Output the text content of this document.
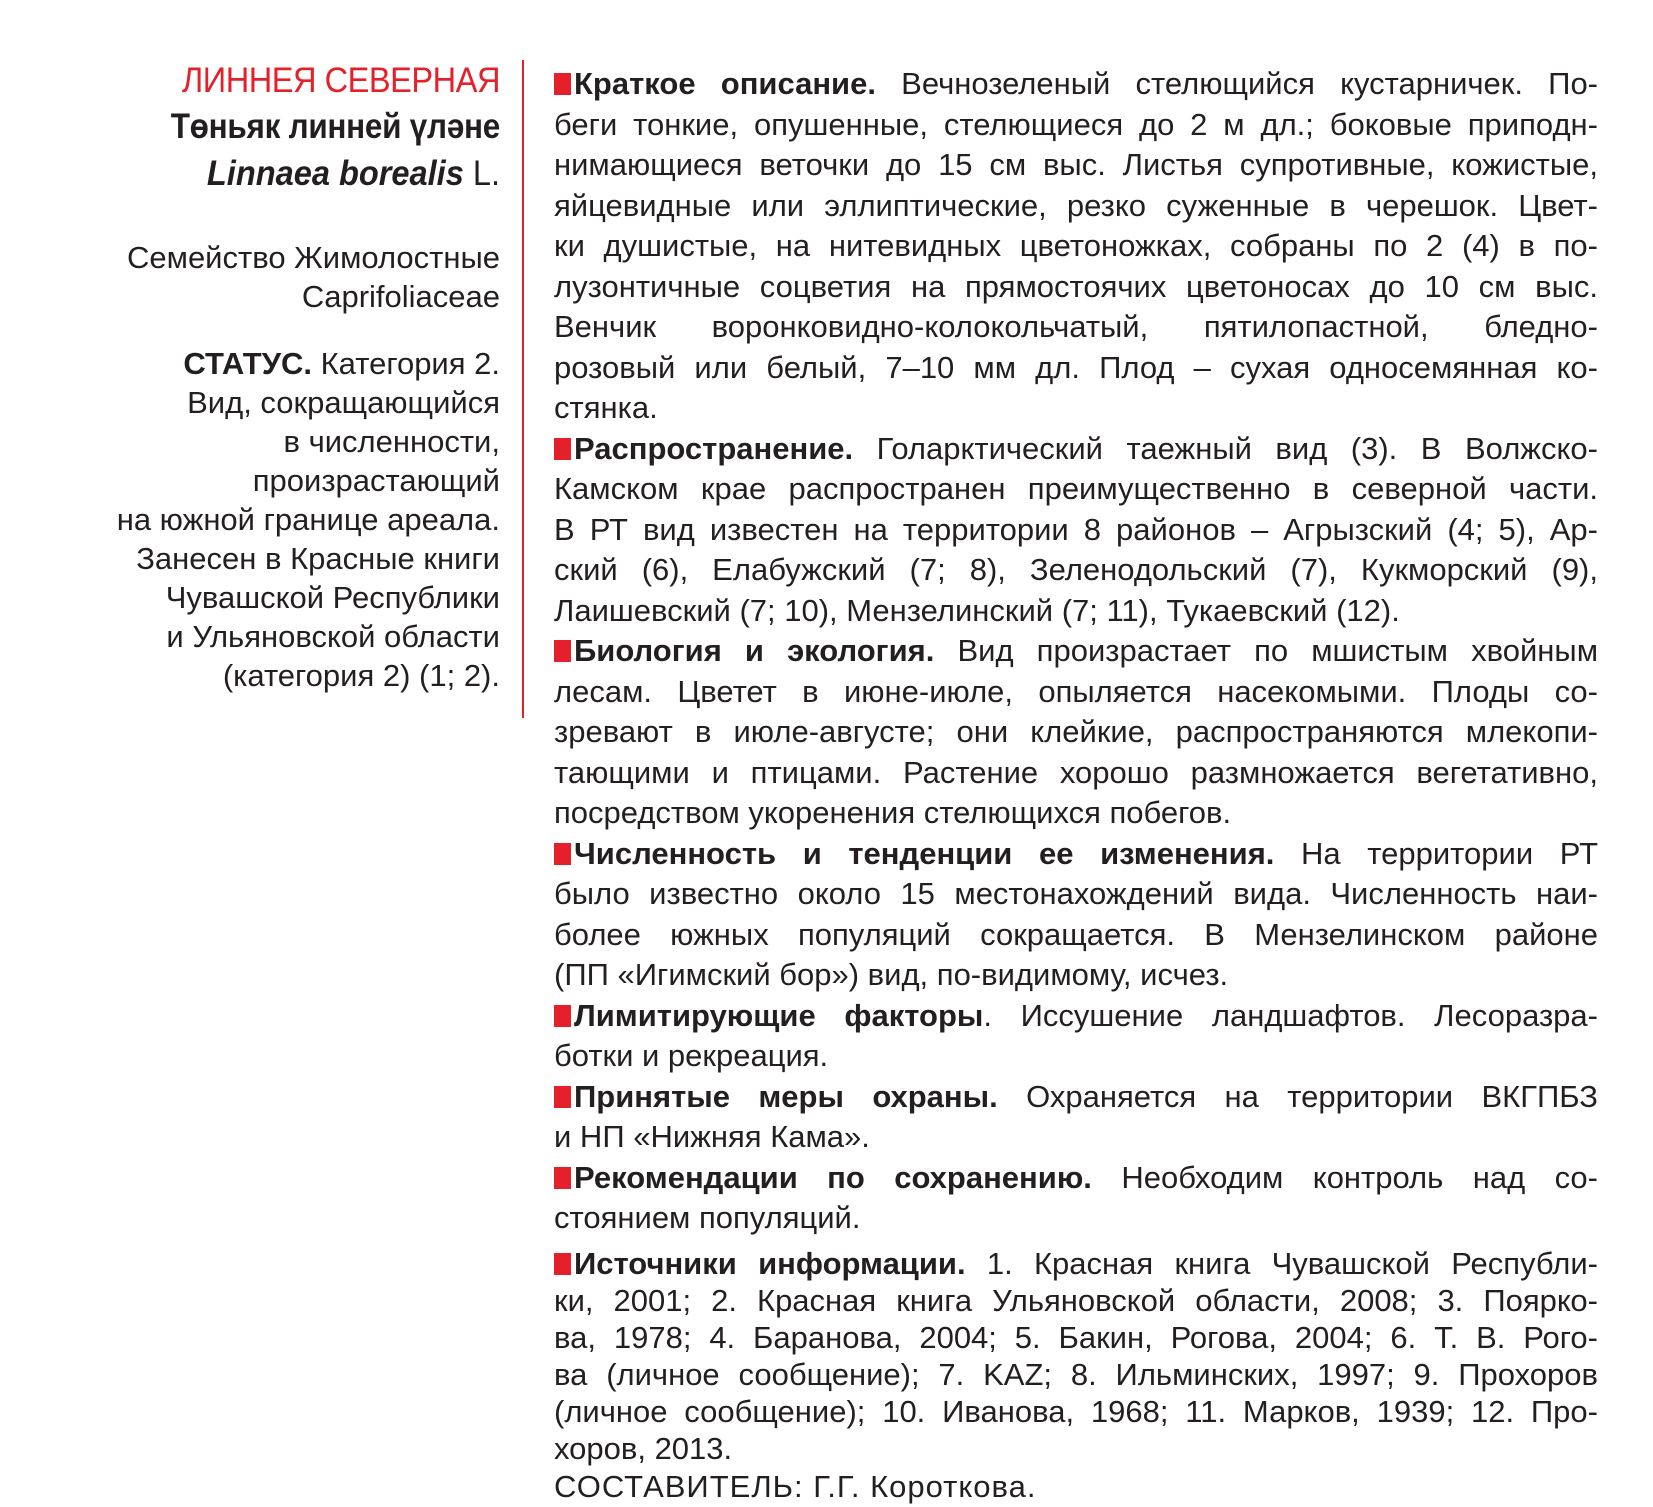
ЛИННЕЯ СЕВЕРНАЯ
Төньяк линней үләне
Linnaea borealis L.
Семейство Жимолостные
Caprifoliaceae
СТАТУС. Категория 2.
Вид, сокращающийся
в численности,
произрастающий
на южной границе ареала.
Занесен в Красные книги
Чувашской Республики
и Ульяновской области
(категория 2) (1; 2).
Краткое описание. Вечнозеленый стелющийся кустарничек. По-
беги тонкие, опушенные, стелющиеся до 2 м дл.; боковые приподн-
нимающиеся веточки до 15 см выс. Листья супротивные, кожистые,
яйцевидные или эллиптические, резко суженные в черешок. Цвет-
ки душистые, на нитевидных цветоножках, собраны по 2 (4) в по-
лузонтичные соцветия на прямостоячих цветоносах до 10 см выс.
Венчик воронковидно-колокольчатый, пятилопастной, бледно-
розовый или белый, 7–10 мм дл. Плод – сухая односемянная ко-
стянка.
Распространение. Голарктический таежный вид (3). В Волжско-
Камском крае распространен преимущественно в северной части.
В РТ вид известен на территории 8 районов – Агрызский (4; 5), Ар-
ский (6), Елабужский (7; 8), Зеленодольский (7), Кукморский (9),
Лаишевский (7; 10), Мензелинский (7; 11), Тукаевский (12).
Биология и экология. Вид произрастает по мшистым хвойным
лесам. Цветет в июне-июле, опыляется насекомыми. Плоды со-
зревают в июле-августе; они клейкие, распространяются млекопи-
тающими и птицами. Растение хорошо размножается вегетативно,
посредством укоренения стелющихся побегов.
Численность и тенденции ее изменения. На территории РТ
было известно около 15 местонахождений вида. Численность наи-
более южных популяций сокращается. В Мензелинском районе
(ПП «Игимский бор») вид, по-видимому, исчез.
Лимитирующие факторы. Иссушение ландшафтов. Лесоразра-
ботки и рекреация.
Принятые меры охраны. Охраняется на территории ВКГПБЗ
и НП «Нижняя Кама».
Рекомендации по сохранению. Необходим контроль над со-
стоянием популяций.
Источники информации. 1. Красная книга Чувашской Республи-
ки, 2001; 2. Красная книга Ульяновской области, 2008; 3. Пояркo-
ва, 1978; 4. Баранова, 2004; 5. Бакин, Рогова, 2004; 6. Т. В. Рого-
ва (личное сообщение); 7. KAZ; 8. Ильминских, 1997; 9. Прохоров
(личное сообщение); 10. Иванова, 1968; 11. Марков, 1939; 12. Про-
хоров, 2013.
СОСТАВИТЕЛЬ: Г.Г. Короткова.
